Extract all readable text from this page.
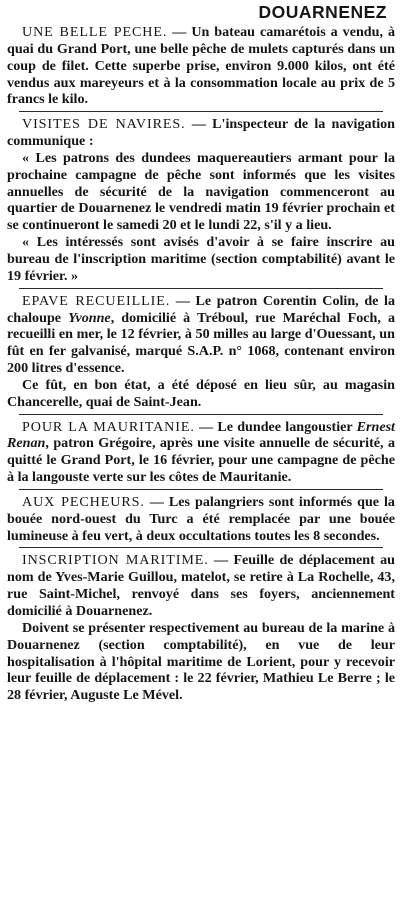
DOUARNENEZ

UNE BELLE PECHE. — Un bateau camarétois a vendu, à quai du Grand Port, une belle pêche de mulets capturés dans un coup de filet. Cette superbe prise, environ 9.000 kilos, ont été vendus aux mareyeurs et à la consommation locale au prix de 5 francs le kilo.

VISITES DE NAVIRES. — L'inspecteur de la navigation communique :

« Les patrons des dundees maquereautiers armant pour la prochaine campagne de pêche sont informés que les visites annuelles de sécurité de la navigation commenceront au quartier de Douarnenez le vendredi matin 19 février prochain et se continueront le samedi 20 et le lundi 22, s'il y a lieu.

« Les intéressés sont avisés d'avoir à se faire inscrire au bureau de l'inscription maritime (section comptabilité) avant le 19 février. »

EPAVE RECUEILLIE. — Le patron Corentin Colin, de la chaloupe Yvonne, domicilié à Tréboul, rue Maréchal Foch, a recueilli en mer, le 12 février, à 50 milles au large d'Ouessant, un fût en fer galvanisé, marqué S.A.P. n° 1068, contenant environ 200 litres d'essence.

Ce fût, en bon état, a été déposé en lieu sûr, au magasin Chancerelle, quai de Saint-Jean.

POUR LA MAURITANIE. — Le dundee langoustier Ernest Renan, patron Grégoire, après une visite annuelle de sécurité, a quitté le Grand Port, le 16 février, pour une campagne de pêche à la langouste verte sur les côtes de Mauritanie.

AUX PECHEURS. — Les palangriers sont informés que la bouée nord-ouest du Turc a été remplacée par une bouée lumineuse à feu vert, à deux occultations toutes les 8 secondes.

INSCRIPTION MARITIME. — Feuille de déplacement au nom de Yves-Marie Guillou, matelot, se retire à La Rochelle, 43, rue Saint-Michel, renvoyé dans ses foyers, anciennement domicilié à Douarnenez.

Doivent se présenter respectivement au bureau de la marine à Douarnenez (section comptabilité), en vue de leur hospitalisation à l'hôpital maritime de Lorient, pour y recevoir leur feuille de déplacement : le 22 février, Mathieu Le Berre ; le 28 février, Auguste Le Mével.
